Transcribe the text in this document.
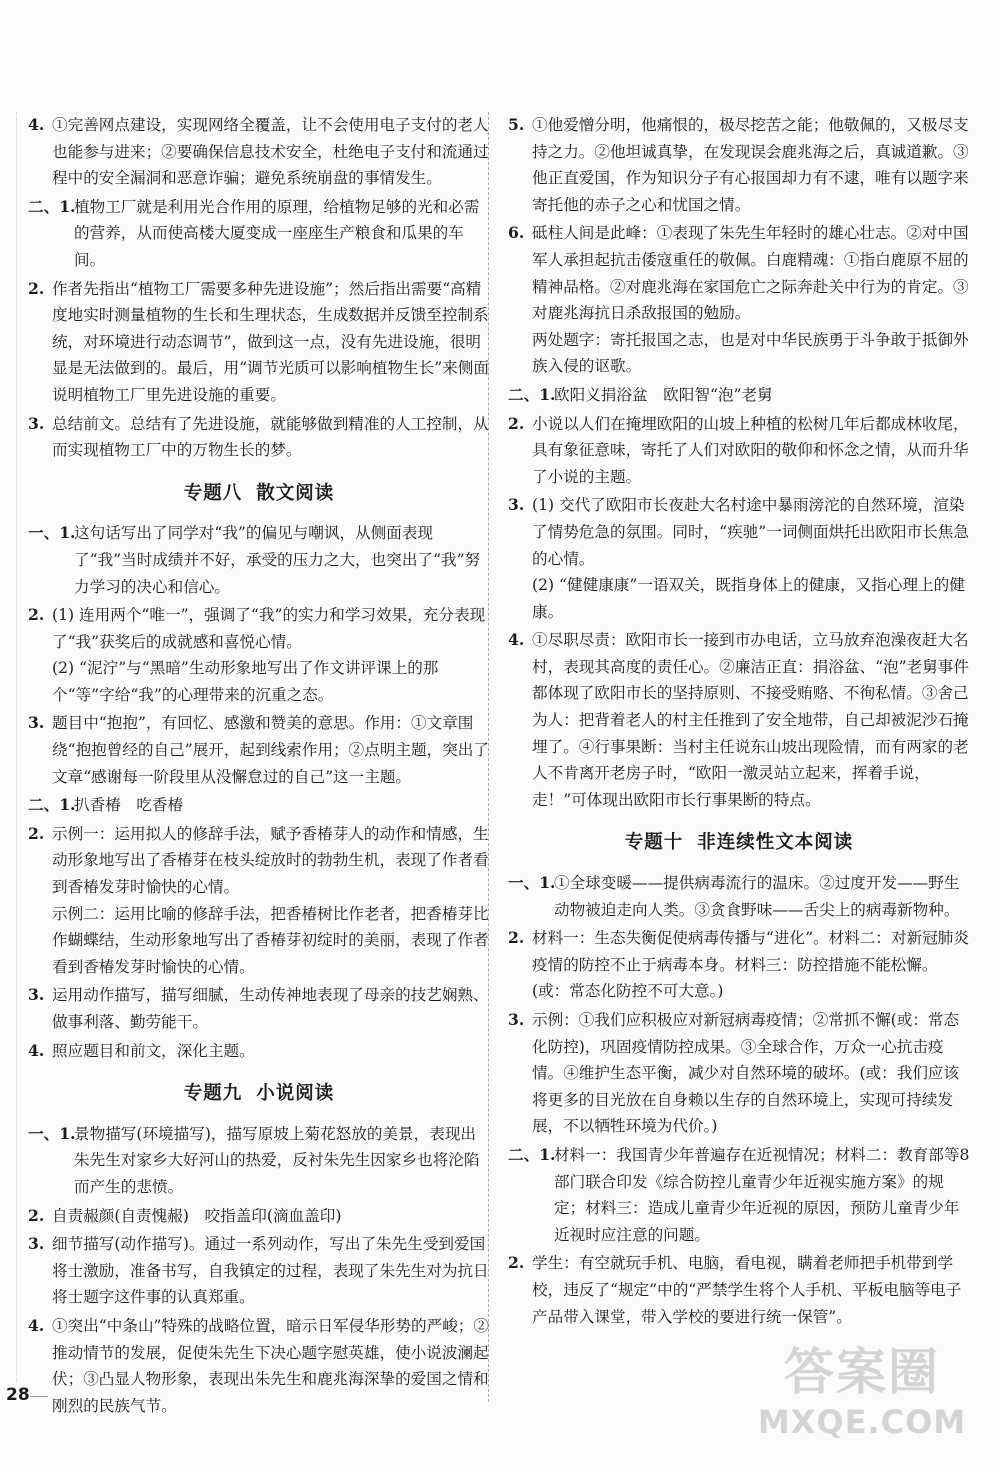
4. ①完善网点建设，实现网络全覆盖，让不会使用电子支付的老人也能参与进来；②要确保信息技术安全，杜绝电子支付和流通过程中的安全漏洞和恶意诈骗；避免系统崩盘的事情发生。
二、1.
植物工厂就是利用光合作用的原理，给植物足够的光和必需的营养，从而使高楼大厦变成一座座生产粮食和瓜果的车间。
2. 作者先指出“植物工厂需要多种先进设施”；然后指出需要“高精度地实时测量植物的生长和生理状态，生成数据并反馈至控制系统，对环境进行动态调节”，做到这一点，没有先进设施，很明显是无法做到的。最后，用“调节光质可以影响植物生长”来侧面说明植物工厂里先进设施的重要。
3. 总结前文。总结有了先进设施，就能够做到精准的人工控制，从而实现植物工厂中的万物生长的梦。
专题八 散文阅读
一、1.
这句话写出了同学对“我”的偏见与嘲讽，从侧面表现了“我”当时成绩并不好，承受的压力之大，也突出了“我”努力学习的决心和信心。
2. (1) 连用两个“唯一”，强调了“我”的实力和学习效果，充分表现了“我”获奖后的成就感和喜悦心情。
(2) “泥泞”与“黑暗”生动形象地写出了作文讲评课上的那个“等”字给“我”的心理带来的沉重之态。
3. 题目中“抱抱”，有回忆、感激和赞美的意思。作用：①文章围绕“抱抱曾经的自己”展开，起到线索作用；②点明主题，突出了文章“感谢每一阶段里从没懈怠过的自己”这一主题。
二、1.
扒香椿　吃香椿
2. 示例一：运用拟人的修辞手法，赋予香椿芽人的动作和情感，生动形象地写出了香椿芽在枝头绽放时的勃勃生机，表现了作者看到香椿发芽时愉快的心情。
示例二：运用比喻的修辞手法，把香椿树比作老者，把香椿芽比作蝴蝶结，生动形象地写出了香椿芽初绽时的美丽，表现了作者看到香椿发芽时愉快的心情。
3. 运用动作描写，描写细腻，生动传神地表现了母亲的技艺娴熟、做事利落、勤劳能干。
4. 照应题目和前文，深化主题。
专题九 小说阅读
一、1.
景物描写(环境描写)，描写原坡上菊花怒放的美景，表现出朱先生对家乡大好河山的热爱，反衬朱先生因家乡也将沦陷而产生的悲愤。
2. 自责赧颜(自责愧赧)　咬指盖印(滴血盖印)
3. 细节描写(动作描写)。通过一系列动作，写出了朱先生受到爱国将士激励，准备书写，自我镇定的过程，表现了朱先生对为抗日将士题字这件事的认真郑重。
4. ①突出“中条山”特殊的战略位置，暗示日军侵华形势的严峻；②推动情节的发展，促使朱先生下决心题字慰英雄，使小说波澜起伏；③凸显人物形象，表现出朱先生和鹿兆海深挚的爱国之情和刚烈的民族气节。
5. ①他爱憎分明，他痛恨的，极尽挖苦之能；他敬佩的，又极尽支持之力。②他坦诚真挚，在发现误会鹿兆海之后，真诚道歉。③他正直爱国，作为知识分子有心报国却力有不逮，唯有以题字来寄托他的赤子之心和忧国之情。
6. 砥柱人间是此峰：①表现了朱先生年轻时的雄心壮志。②对中国军人承担起抗击倭寇重任的敬佩。白鹿精魂：①指白鹿原不屈的精神品格。②对鹿兆海在家国危亡之际奔赴关中行为的肯定。③对鹿兆海抗日杀敌报国的勉励。
两处题字：寄托报国之志，也是对中华民族勇于斗争敢于抵御外族入侵的讴歌。
二、1.
欧阳义捐浴盆　欧阳智“泡”老舅
2. 小说以人们在掩埋欧阳的山坡上种植的松树几年后都成林收尾，具有象征意味，寄托了人们对欧阳的敬仰和怀念之情，从而升华了小说的主题。
3. (1) 交代了欧阳市长夜赴大名村途中暴雨滂沱的自然环境，渲染了情势危急的氛围。同时，“疾驰”一词侧面烘托出欧阳市长焦急的心情。
(2) “健健康康”一语双关，既指身体上的健康，又指心理上的健康。
4. ①尽职尽责：欧阳市长一接到市办电话，立马放弃泡澡夜赶大名村，表现其高度的责任心。②廉洁正直：捐浴盆、“泡”老舅事件都体现了欧阳市长的坚持原则、不接受贿赂、不徇私情。③舍己为人：把背着老人的村主任推到了安全地带，自己却被泥沙石掩埋了。④行事果断：当村主任说东山坡出现险情，而有两家的老人不肯离开老房子时，“欧阳一激灵站立起来，挥着手说，走！”可体现出欧阳市长行事果断的特点。
专题十 非连续性文本阅读
一、1.
①全球变暖——提供病毒流行的温床。②过度开发——野生动物被迫走向人类。③贪食野味——舌尖上的病毒新物种。
2. 材料一：生态失衡促使病毒传播与“进化”。材料二：对新冠肺炎疫情的防控不止于病毒本身。材料三：防控措施不能松懈。(或：常态化防控不可大意。)
3. 示例：①我们应积极应对新冠病毒疫情；②常抓不懈(或：常态化防控)，巩固疫情防控成果。③全球合作，万众一心抗击疫情。④维护生态平衡，减少对自然环境的破坏。(或：我们应该将更多的目光放在自身赖以生存的自然环境上，实现可持续发展，不以牺牲环境为代价。)
二、1.
材料一：我国青少年普遍存在近视情况；材料二：教育部等8部门联合印发《综合防控儿童青少年近视实施方案》的规定；材料三：造成儿童青少年近视的原因，预防儿童青少年近视时应注意的问题。
2. 学生：有空就玩手机、电脑，看电视，瞒着老师把手机带到学校，违反了“规定”中的“严禁学生将个人手机、平板电脑等电子产品带入课堂，带入学校的要进行统一保管”。
28	答案圈
MXQE.COM
